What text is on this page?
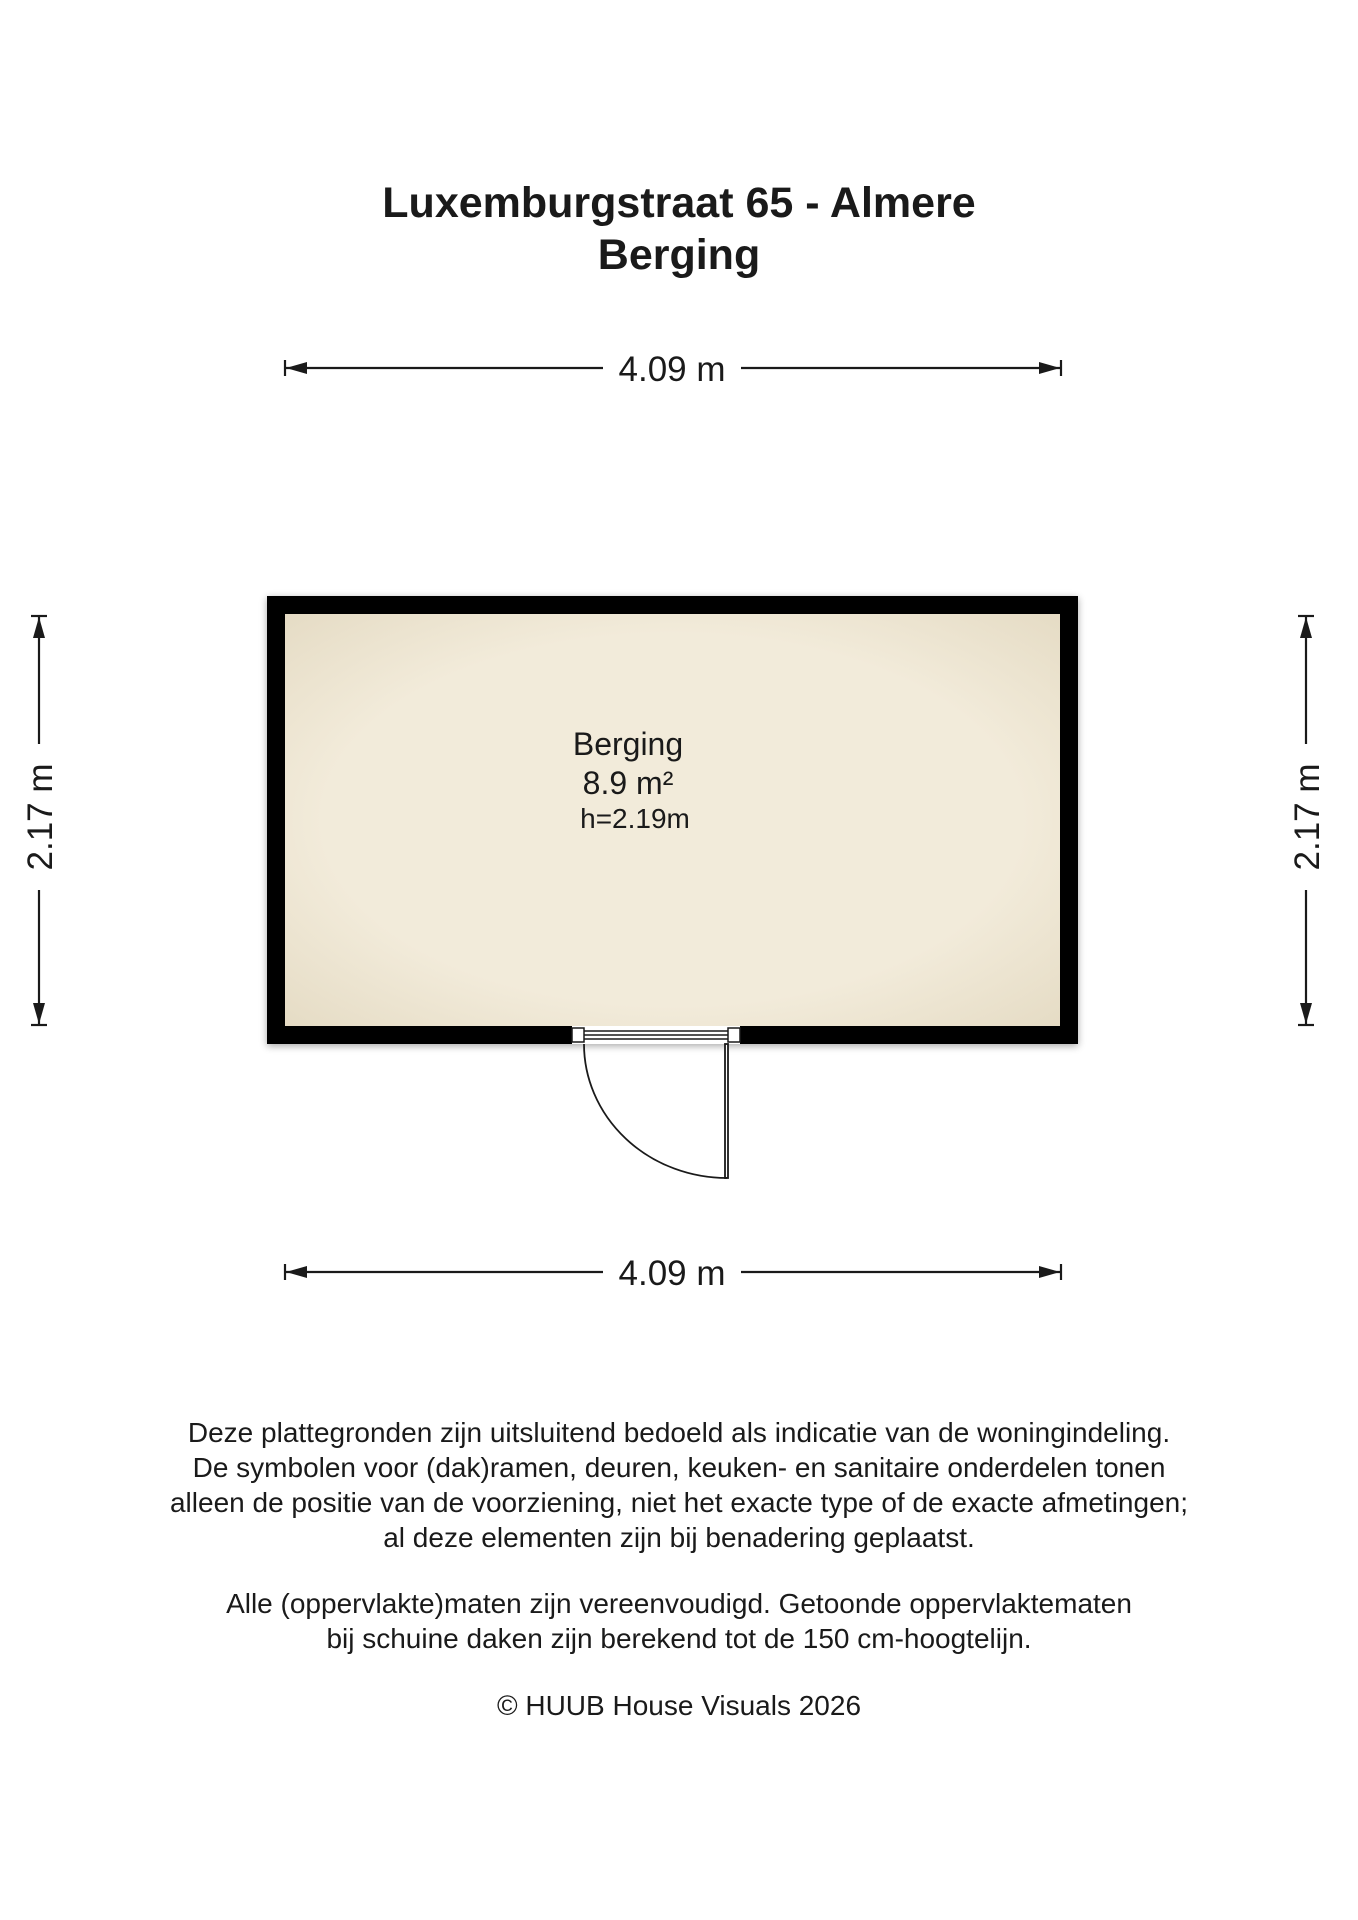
Luxemburgstraat 65 - Almere
Berging
4.09 m
4.09 m
2.17 m	2.17 m
Berging
8.9 m²
h=2.19m
Deze plattegronden zijn uitsluitend bedoeld als indicatie van de woningindeling.
De symbolen voor (dak)ramen, deuren, keuken- en sanitaire onderdelen tonen
alleen de positie van de voorziening, niet het exacte type of de exacte afmetingen;
al deze elementen zijn bij benadering geplaatst.
Alle (oppervlakte)maten zijn vereenvoudigd. Getoonde oppervlaktematen
bij schuine daken zijn berekend tot de 150 cm-hoogtelijn.
© HUUB House Visuals 2026
